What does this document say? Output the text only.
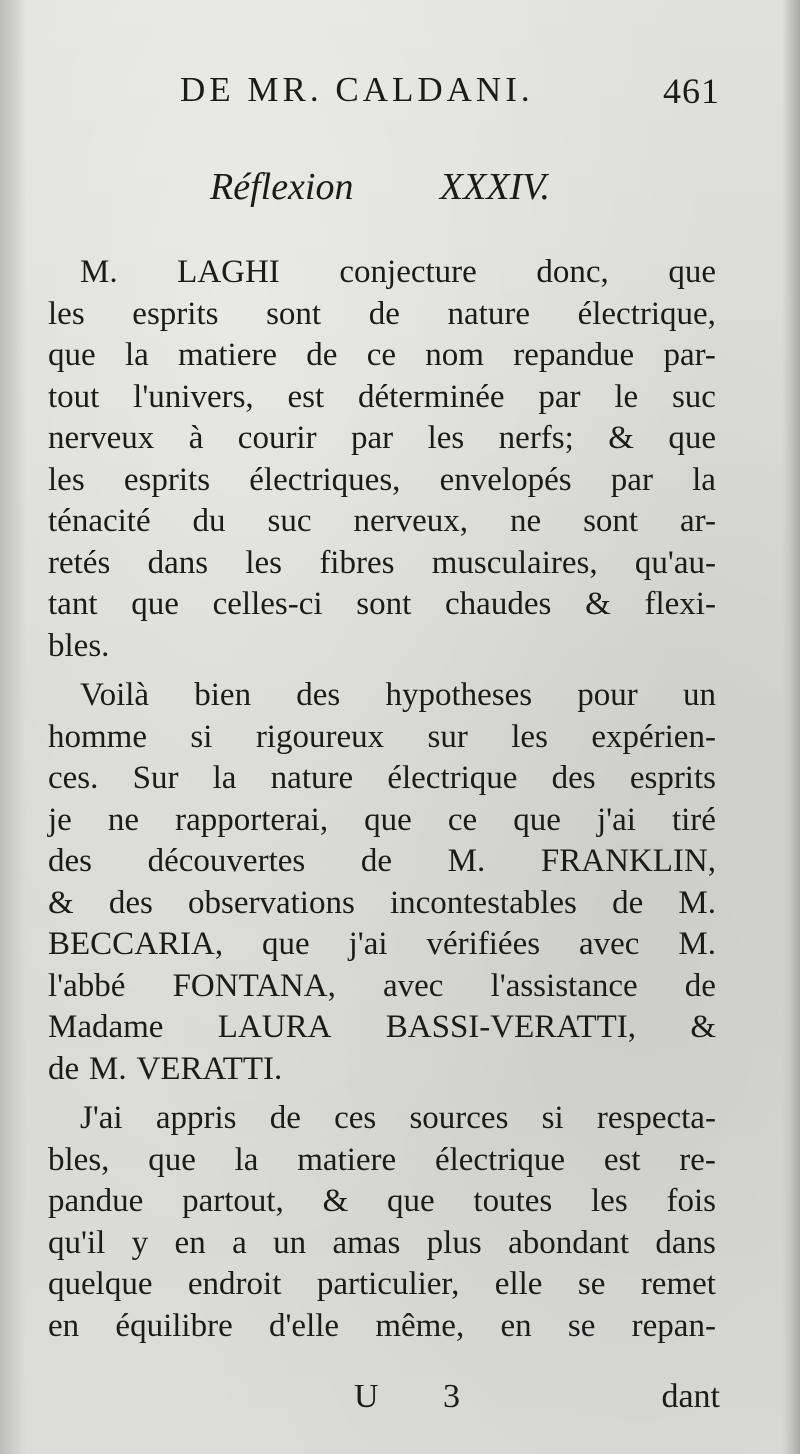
DE MR. CALDANI.	461
Réflexion XXXIV.
M. LAGHI conjecture donc, que
les esprits sont de nature électrique,
que la matiere de ce nom repandue par-
tout l'univers, est déterminée par le suc
nerveux à courir par les nerfs; & que
les esprits électriques, envelopés par la
ténacité du suc nerveux, ne sont ar-
retés dans les fibres musculaires, qu'au-
tant que celles-ci sont chaudes & flexi-
bles.
Voilà bien des hypotheses pour un
homme si rigoureux sur les expérien-
ces. Sur la nature électrique des esprits
je ne rapporterai, que ce que j'ai tiré
des découvertes de M. FRANKLIN,
& des observations incontestables de M.
BECCARIA, que j'ai vérifiées avec M.
l'abbé FONTANA, avec l'assistance de
Madame LAURA BASSI-VERATTI, &
de M. VERATTI.
J'ai appris de ces sources si respecta-
bles, que la matiere électrique est re-
pandue partout, & que toutes les fois
qu'il y en a un amas plus abondant dans
quelque endroit particulier, elle se remet
en équilibre d'elle même, en se repan-
U 3	dant
